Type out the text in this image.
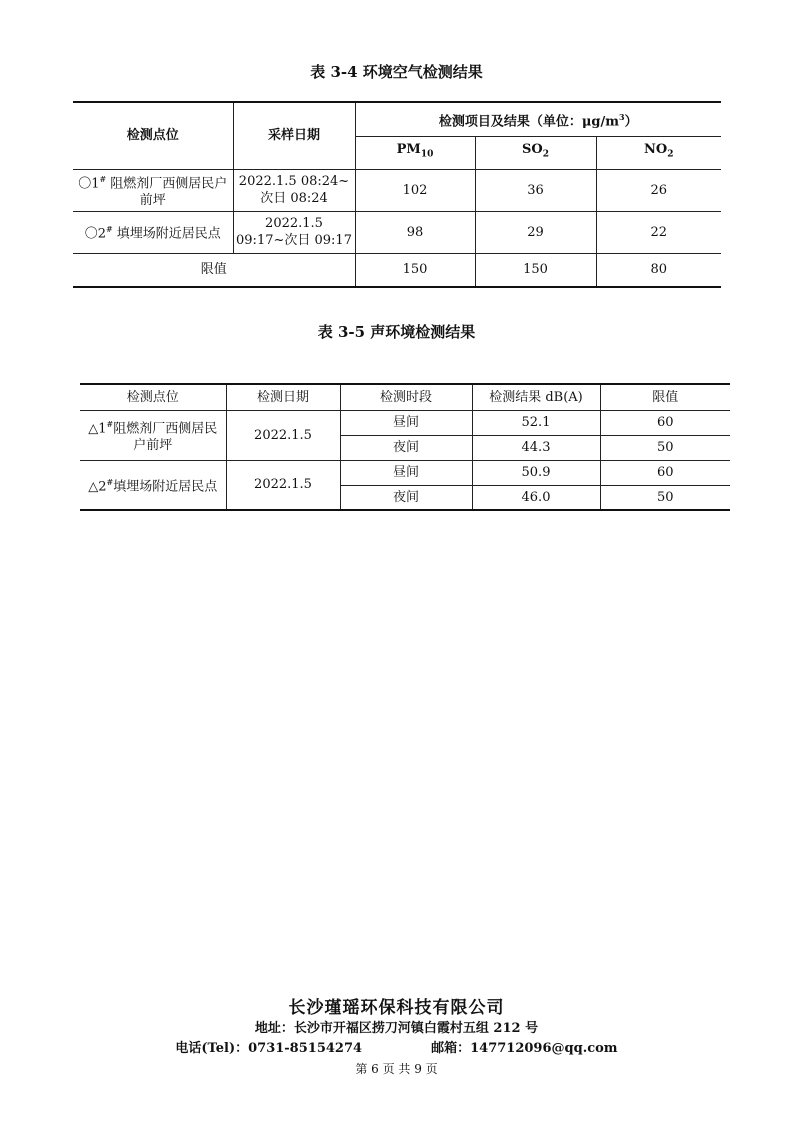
表 3-4 环境空气检测结果
检测点位	采样日期	检测项目及结果（单位：$\mu g/m^3$）		
		$PM_{10}$	$SO_2$	$NO_2$
〇1# 阻燃剂厂西侧居民户前坪	2022.1.5 08:24~次日 08:24	102	36	26
〇2# 填埋场附近居民点	2022.1.5　09:17~次日 09:17	98	29	22
限值		150	150	80
表 3-5 声环境检测结果
检测点位	检测日期	检测时段	检测结果 dB(A)	限值
△1#阻燃剂厂西侧居民户前坪	2022.1.5	昼间	52.1	60
		夜间	44.3	50
△2#填埋场附近居民点	2022.1.5	昼间	50.9	60
		夜间	46.0	50
长沙瑾瑶环保科技有限公司
地址：长沙市开福区捞刀河镇白霞村五组 212 号
电话(Tel)：0731-85154274	邮箱：147712096@qq.com
第 6 页 共 9 页
